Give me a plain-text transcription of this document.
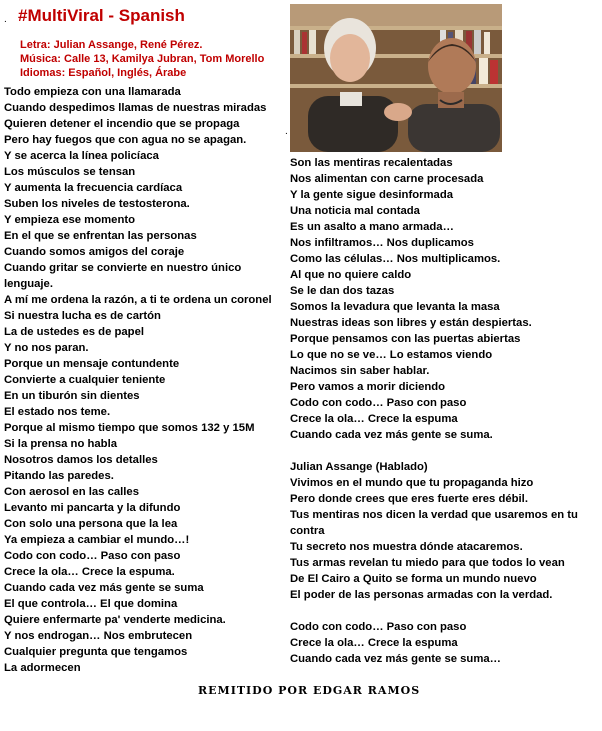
. #MultiViral - Spanish
Letra: Julian Assange, René Pérez.
Música: Calle 13, Kamilya Jubran, Tom Morello
Idiomas: Español, Inglés, Árabe
.
Todo empieza con una llamarada
Cuando despedimos llamas de nuestras miradas
Quieren detener el incendio que se propaga
Pero hay fuegos que con agua no se apagan.
Y se acerca la línea policíaca
Los músculos se tensan
Y aumenta la frecuencia cardíaca
Suben los niveles de testosterona.
Y empieza ese momento
En el que se enfrentan las personas
Cuando somos amigos del coraje
Cuando gritar se convierte en nuestro único
lenguaje.
A mí me ordena la razón, a ti te ordena un coronel
Si nuestra lucha es de cartón
La de ustedes es de papel
Y no nos paran.
Porque un mensaje contundente
Convierte a cualquier teniente
En un tiburón sin dientes
El estado nos teme.
Porque al mismo tiempo que somos 132 y 15M
Si la prensa no habla
Nosotros damos los detalles
Pitando las paredes.
Con aerosol en las calles
Levanto mi pancarta y la difundo
Con solo una persona que la lea
Ya empieza a cambiar el mundo…!
Codo con codo… Paso con paso
Crece la ola… Crece la espuma.
Cuando cada vez más gente se suma
El que controla… El que domina
Quiere enfermarte pa' venderte medicina.
Y nos endrogan… Nos embrutecen
Cualquier pregunta que tengamos
La adormecen
Son las mentiras recalentadas
Nos alimentan con carne procesada
Y la gente sigue desinformada
Una noticia mal contada
Es un asalto a mano armada…
Nos infiltramos… Nos duplicamos
Como las células… Nos multiplicamos.
Al que no quiere caldo
Se le dan dos tazas
Somos la levadura que levanta la masa
Nuestras ideas son libres y están despiertas.
Porque pensamos con las puertas abiertas
Lo que no se ve… Lo estamos viendo
Nacimos sin saber hablar.
Pero vamos a morir diciendo
Codo con codo… Paso con paso
Crece la ola… Crece la espuma
Cuando cada vez más gente se suma.
Julian Assange (Hablado)
Vivimos en el mundo que tu propaganda hizo
Pero donde crees que eres fuerte eres débil.
Tus mentiras nos dicen la verdad que usaremos en tu
contra
Tu secreto nos muestra dónde atacaremos.
Tus armas revelan tu miedo para que todos lo vean
De El Cairo a Quito se forma un mundo nuevo
El poder de las personas armadas con la verdad.
Codo con codo… Paso con paso
Crece la ola… Crece la espuma
Cuando cada vez más gente se suma…
REMITIDO POR EDGAR RAMOS
